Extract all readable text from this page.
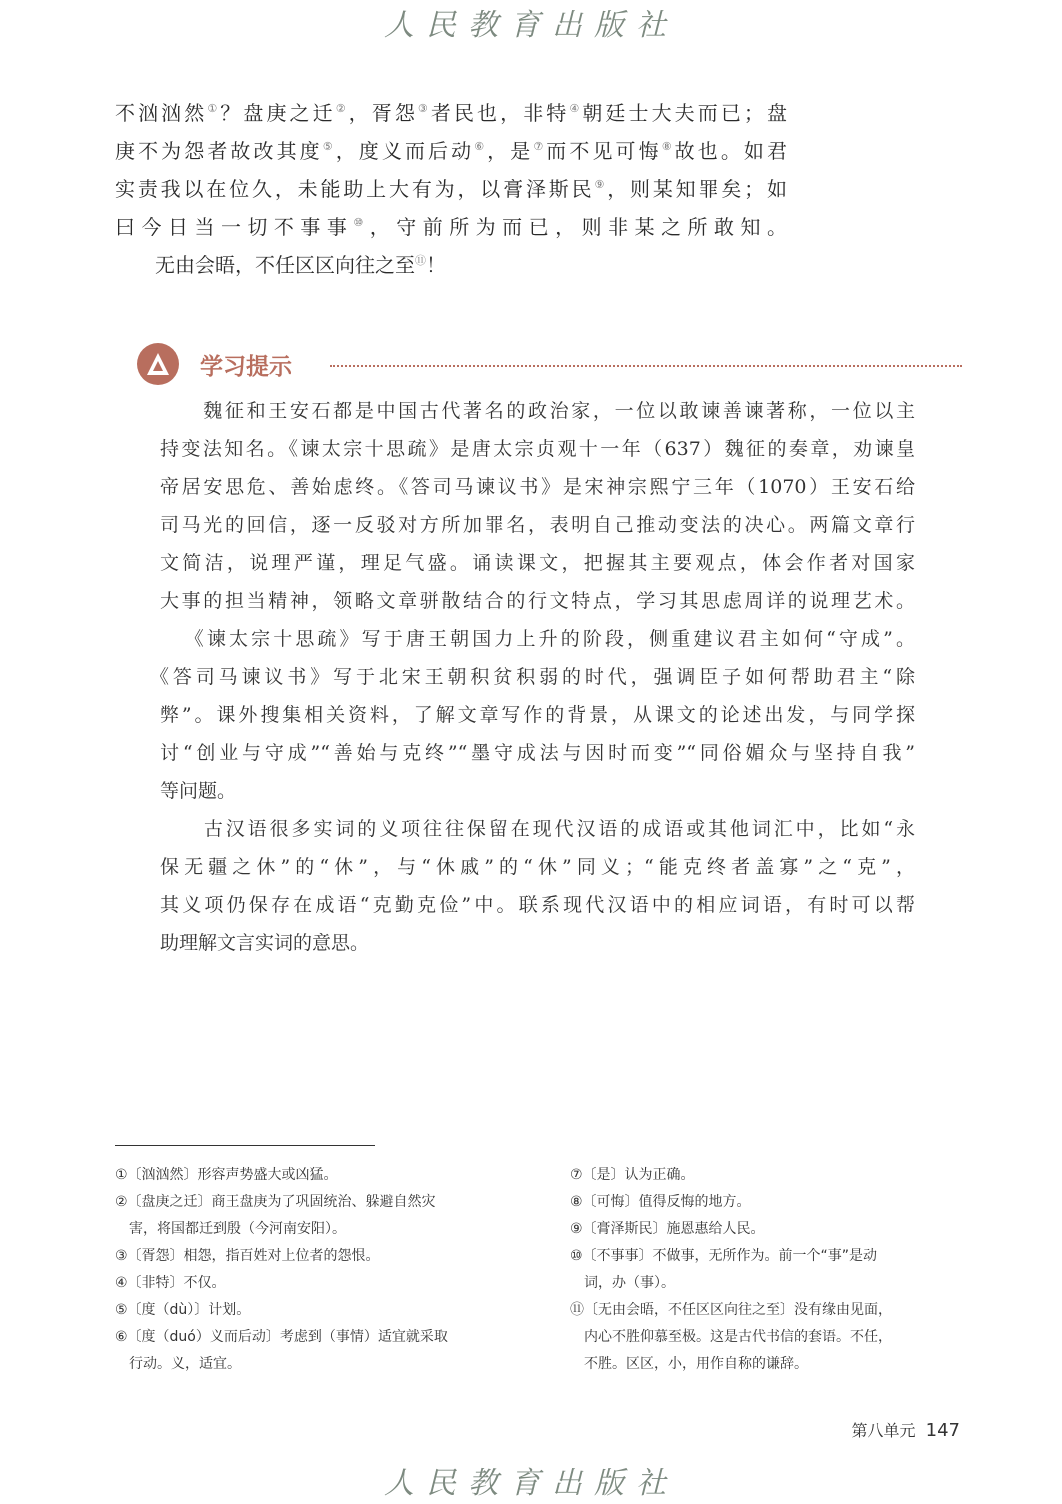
人民教育出版社
不汹汹然①？盘庚之迁②，胥怨③者民也，非特④朝廷士大夫而已；盘
庚不为怨者故改其度⑤，度义而后动⑥，是⑦而不见可悔⑧故也。如君
实责我以在位久，未能助上大有为，以膏泽斯民⑨，则某知罪矣；如
曰今日当一切不事事⑩，守前所为而已，则非某之所敢知。
　　无由会晤，不任区区向往之至⑪！
学习提示
　　魏征和王安石都是中国古代著名的政治家，一位以敢谏善谏著称，一位以主
持变法知名。《谏太宗十思疏》是唐太宗贞观十一年（637）魏征的奏章，劝谏皇
帝居安思危、善始虑终。《答司马谏议书》是宋神宗熙宁三年（1070）王安石给
司马光的回信，逐一反驳对方所加罪名，表明自己推动变法的决心。两篇文章行
文简洁，说理严谨，理足气盛。诵读课文，把握其主要观点，体会作者对国家
大事的担当精神，领略文章骈散结合的行文特点，学习其思虑周详的说理艺术。
　　《谏太宗十思疏》写于唐王朝国力上升的阶段，侧重建议君主如何“守成”。
《答司马谏议书》写于北宋王朝积贫积弱的时代，强调臣子如何帮助君主“除
弊”。课外搜集相关资料，了解文章写作的背景，从课文的论述出发，与同学探
讨“创业与守成”“善始与克终”“墨守成法与因时而变”“同俗媚众与坚持自我”
等问题。
　　古汉语很多实词的义项往往保留在现代汉语的成语或其他词汇中，比如“永
保无疆之休”的“休”，与“休戚”的“休”同义；“能克终者盖寡”之“克”，
其义项仍保存在成语“克勤克俭”中。联系现代汉语中的相应词语，有时可以帮
助理解文言实词的意思。
①〔汹汹然〕形容声势盛大或凶猛。
②〔盘庚之迁〕商王盘庚为了巩固统治、躲避自然灾
　害，将国都迁到殷（今河南安阳）。
③〔胥怨〕相怨，指百姓对上位者的怨恨。
④〔非特〕不仅。
⑤〔度（dù）〕计划。
⑥〔度（duó）义而后动〕考虑到（事情）适宜就采取
　行动。义，适宜。
⑦〔是〕认为正确。
⑧〔可悔〕值得反悔的地方。
⑨〔膏泽斯民〕施恩惠给人民。
⑩〔不事事〕不做事，无所作为。前一个“事”是动
　词，办（事）。
⑪〔无由会晤，不任区区向往之至〕没有缘由见面，
　内心不胜仰慕至极。这是古代书信的套语。不任，
　不胜。区区，小，用作自称的谦辞。
第八单元 147
人民教育出版社
